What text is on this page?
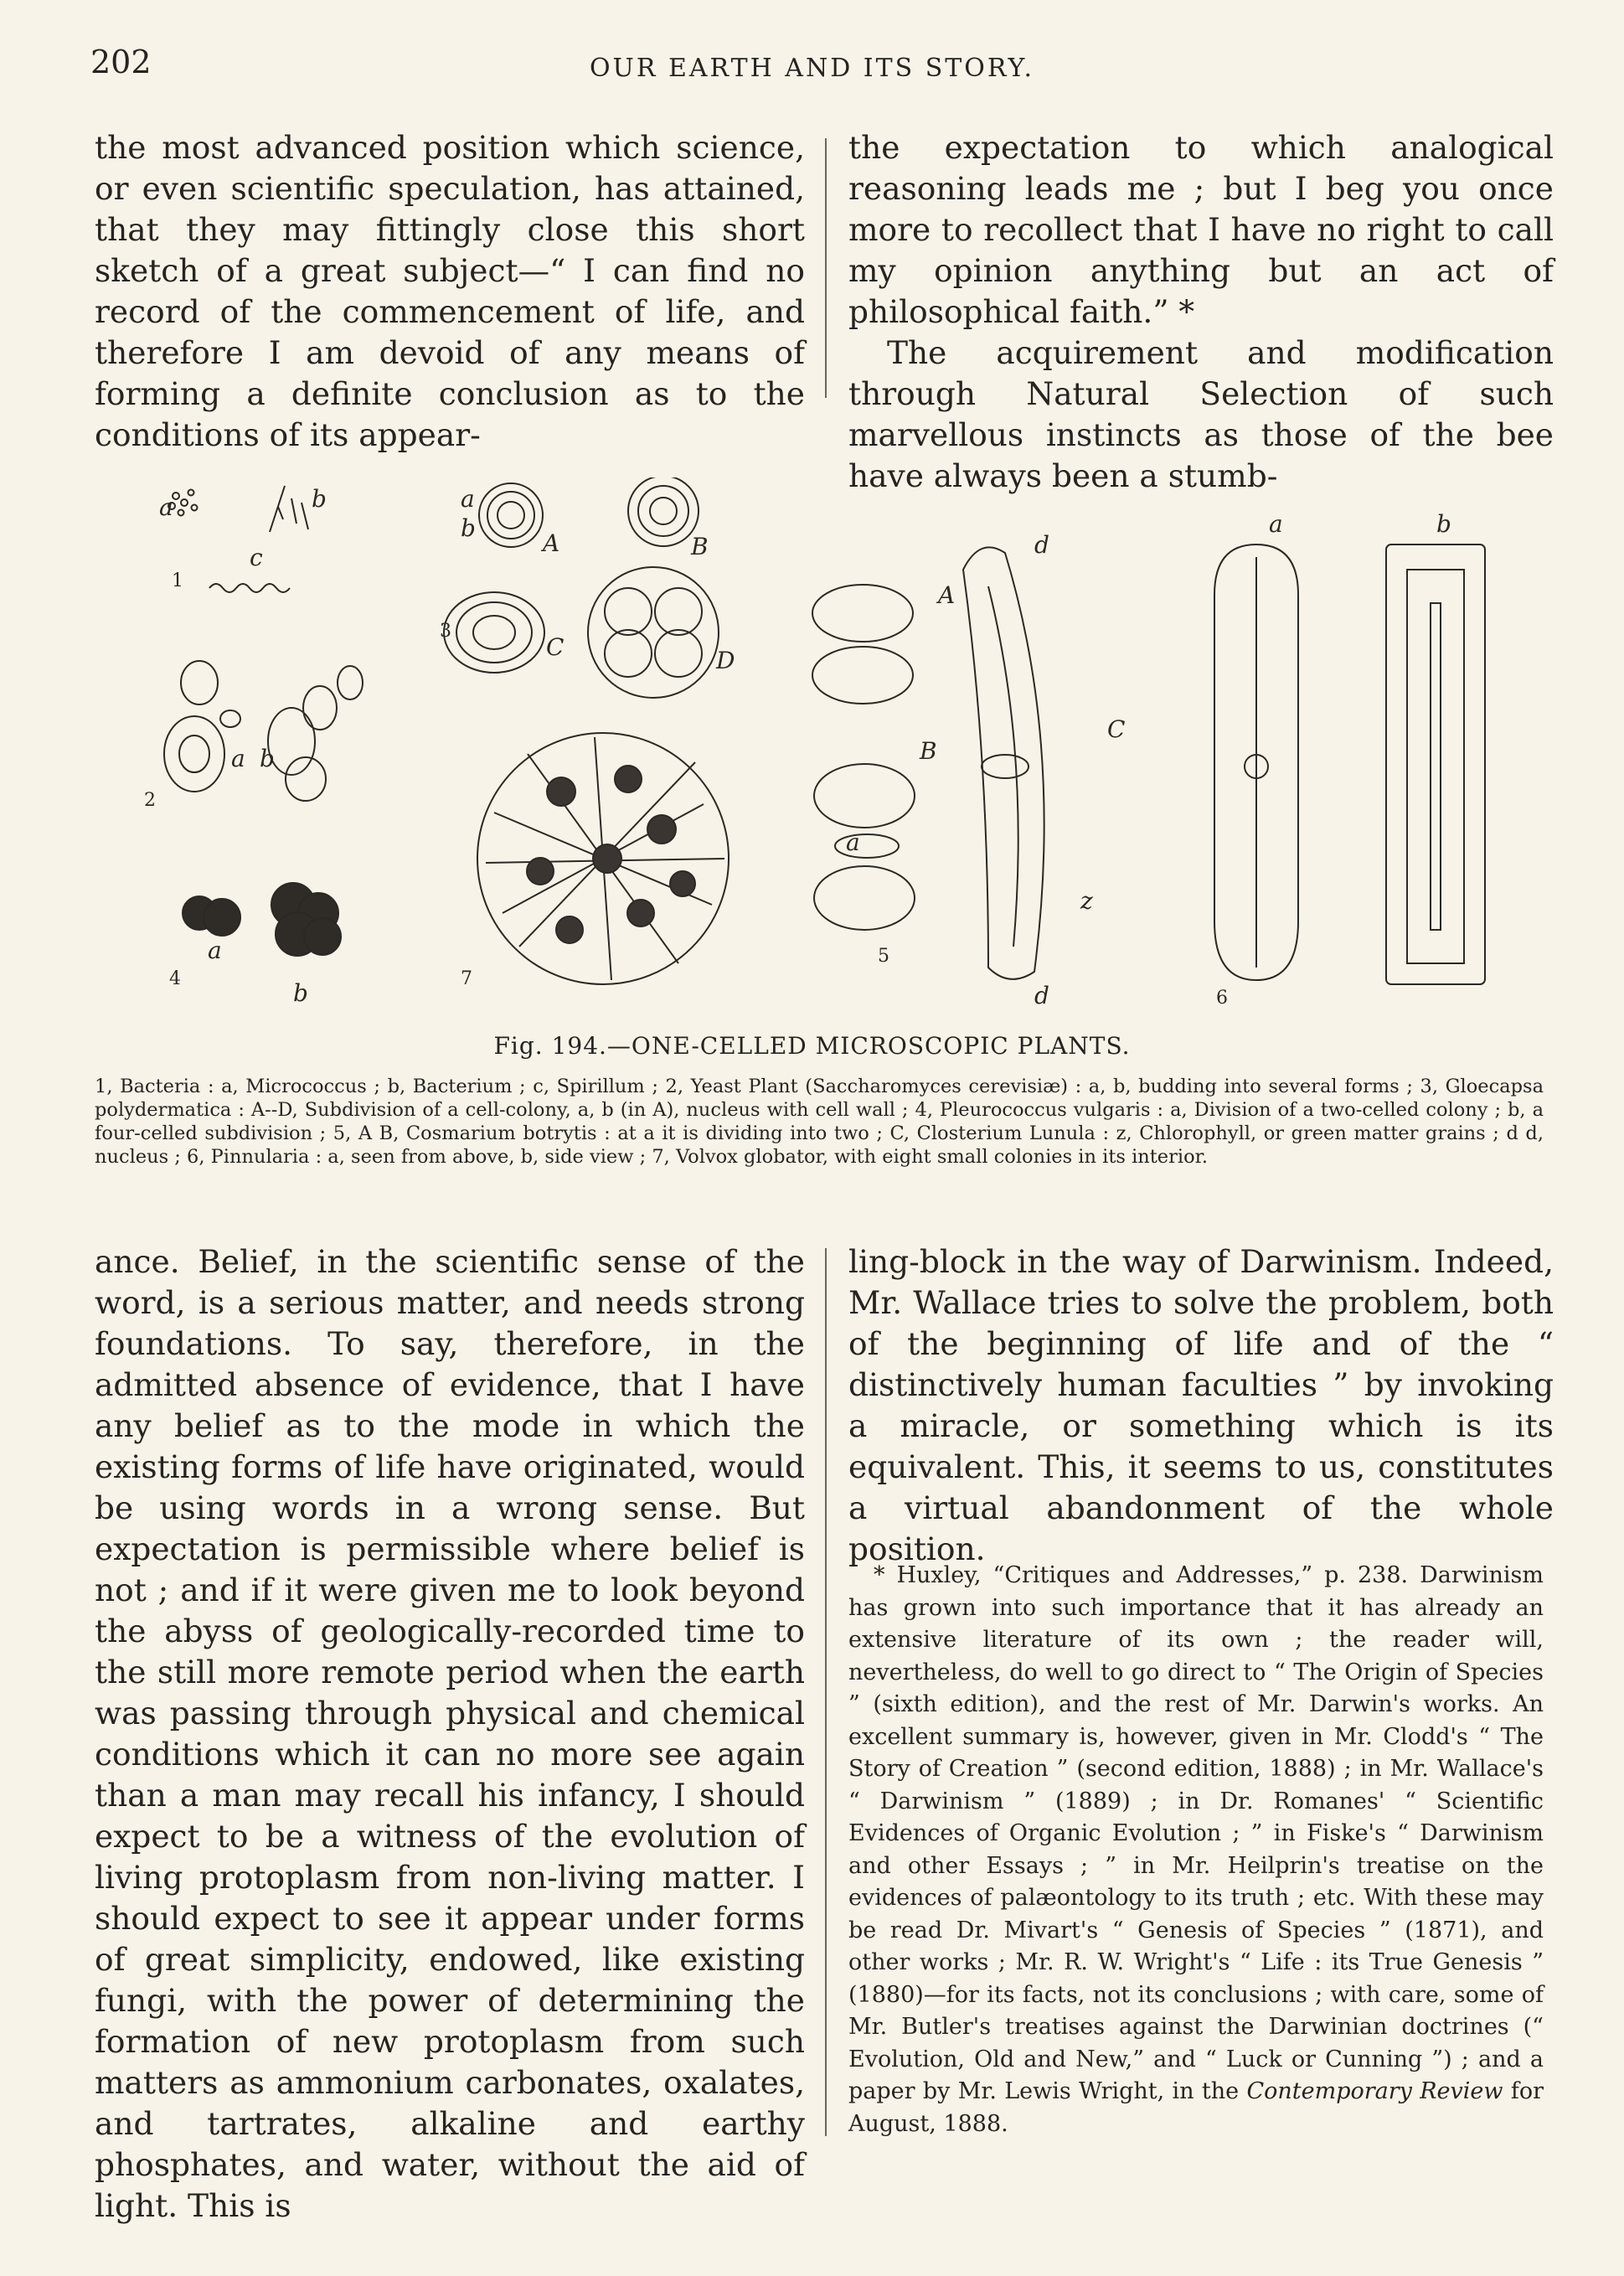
202	OUR EARTH AND ITS STORY.

the most advanced position which science, or even scientific speculation, has attained, that they may fittingly close this short sketch of a great subject—“ I can find no record of the commencement of life, and therefore I am devoid of any means of forming a definite conclusion as to the conditions of its appear-

the expectation to which analogical reasoning leads me ; but I beg you once more to recollect that I have no right to call my opinion anything but an act of philosophical faith.” *

The acquirement and modification through Natural Selection of such marvellous instincts as those of the bee have always been a stumb-

a	b
c
a b
a
b
A	B
C	D
a
b
A
B
a
d
C
z
d
a	b
1
2
3
4
5
6
7
Fig. 194.—ONE-CELLED MICROSCOPIC PLANTS.
1, Bacteria : a, Micrococcus ; b, Bacterium ; c, Spirillum ; 2, Yeast Plant (Saccharomyces cerevisiæ) : a, b, budding into several forms ; 3, Gloecapsa polydermatica : A--D, Subdivision of a cell-colony, a, b (in A), nucleus with cell wall ; 4, Pleurococcus vulgaris : a, Division of a two-celled colony ; b, a four-celled subdivision ; 5, A B, Cosmarium botrytis : at a it is dividing into two ; C, Closterium Lunula : z, Chlorophyll, or green matter grains ; d d, nucleus ; 6, Pinnularia : a, seen from above, b, side view ; 7, Volvox globator, with eight small colonies in its interior.

ance. Belief, in the scientific sense of the word, is a serious matter, and needs strong foundations. To say, therefore, in the admitted absence of evidence, that I have any belief as to the mode in which the existing forms of life have originated, would be using words in a wrong sense. But expectation is permissible where belief is not ; and if it were given me to look beyond the abyss of geologically-recorded time to the still more remote period when the earth was passing through physical and chemical conditions which it can no more see again than a man may recall his infancy, I should expect to be a witness of the evolution of living protoplasm from non-living matter. I should expect to see it appear under forms of great simplicity, endowed, like existing fungi, with the power of determining the formation of new protoplasm from such matters as ammonium carbonates, oxalates, and tartrates, alkaline and earthy phosphates, and water, without the aid of light. This is

ling-block in the way of Darwinism. Indeed, Mr. Wallace tries to solve the problem, both of the beginning of life and of the “ distinctively human faculties ” by invoking a miracle, or something which is its equivalent. This, it seems to us, constitutes a virtual abandonment of the whole position.

* Huxley, “Critiques and Addresses,” p. 238. Darwinism has grown into such importance that it has already an extensive literature of its own ; the reader will, nevertheless, do well to go direct to “ The Origin of Species ” (sixth edition), and the rest of Mr. Darwin's works. An excellent summary is, however, given in Mr. Clodd's “ The Story of Creation ” (second edition, 1888) ; in Mr. Wallace's “ Darwinism ” (1889) ; in Dr. Romanes' “ Scientific Evidences of Organic Evolution ; ” in Fiske's “ Darwinism and other Essays ; ” in Mr. Heilprin's treatise on the evidences of palæontology to its truth ; etc. With these may be read Dr. Mivart's “ Genesis of Species ” (1871), and other works ; Mr. R. W. Wright's “ Life : its True Genesis ” (1880)—for its facts, not its conclusions ; with care, some of Mr. Butler's treatises against the Darwinian doctrines (“ Evolution, Old and New,” and “ Luck or Cunning ”) ; and a paper by Mr. Lewis Wright, in the Contemporary Review for August, 1888.
